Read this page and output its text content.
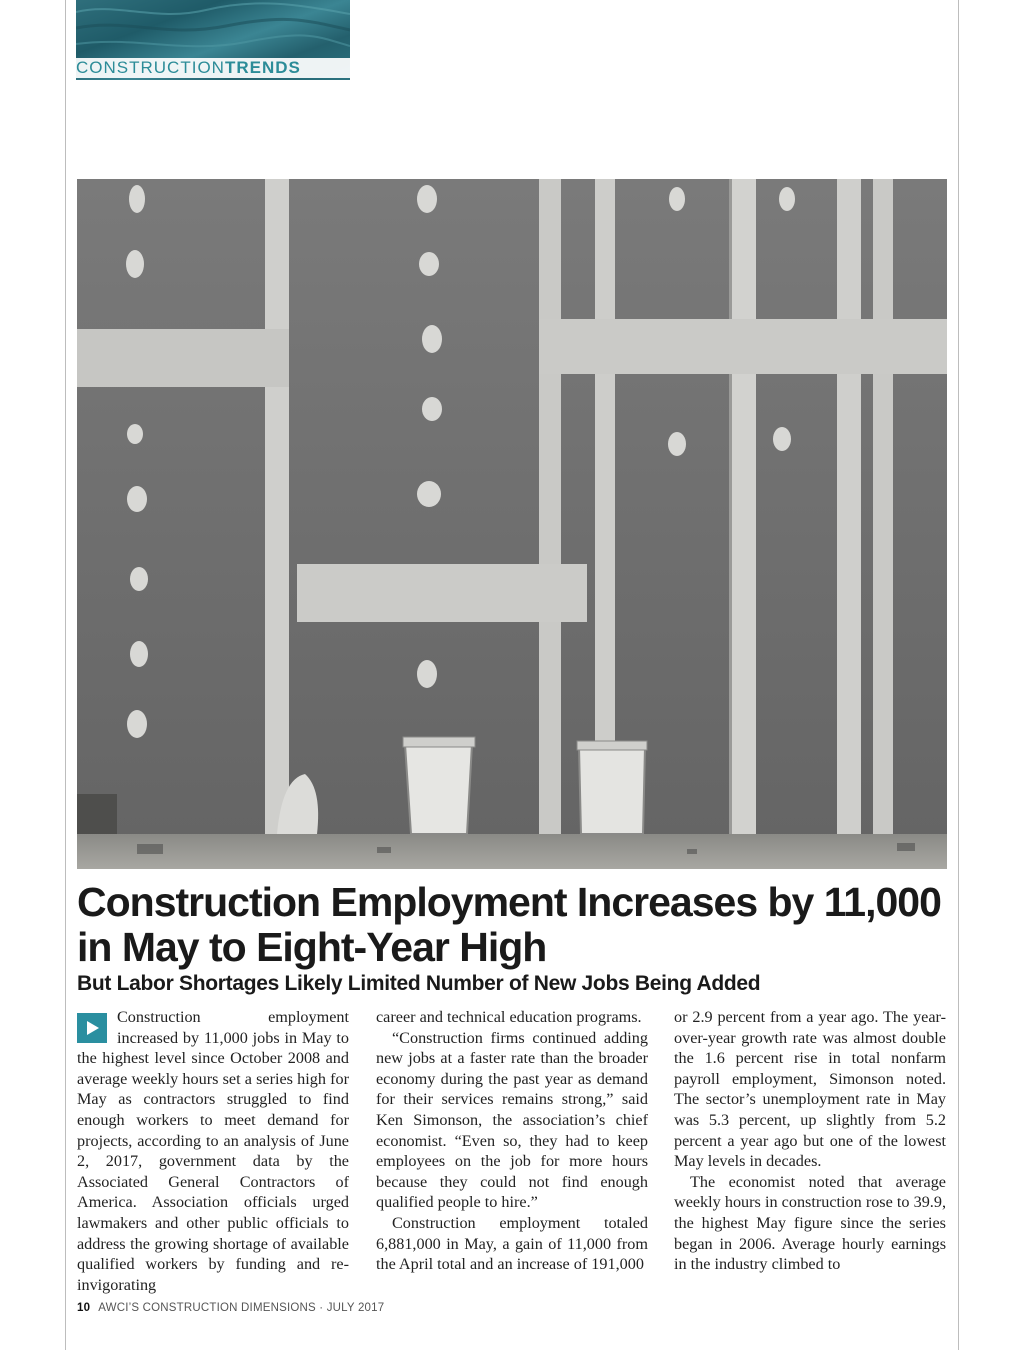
CONSTRUCTIONTRENDS
Construction Employment Increases by 11,000 in May to Eight-Year High
But Labor Shortages Likely Limited Number of New Jobs Being Added

Construction employment increased by 11,000 jobs in May to the highest level since October 2008 and average weekly hours set a series high for May as contractors struggled to find enough workers to meet demand for projects, according to an analysis of June 2, 2017, government data by the Associated General Contractors of America. Association officials urged lawmakers and other public officials to address the growing shortage of available qualified workers by funding and re-invigorating

career and technical education programs.

“Construction firms continued adding new jobs at a faster rate than the broader economy during the past year as demand for their services remains strong,” said Ken Simonson, the association’s chief economist. “Even so, they had to keep employees on the job for more hours because they could not find enough qualified people to hire.”

Construction employment totaled 6,881,000 in May, a gain of 11,000 from the April total and an increase of 191,000

or 2.9 percent from a year ago. The year-over-year growth rate was almost double the 1.6 percent rise in total nonfarm payroll employment, Simonson noted. The sector’s unemployment rate in May was 5.3 percent, up slightly from 5.2 percent a year ago but one of the lowest May levels in decades.

The economist noted that average weekly hours in construction rose to 39.9, the highest May figure since the series began in 2006. Average hourly earnings in the industry climbed to

10 AWCI’S CONSTRUCTION DIMENSIONS · JULY 2017
